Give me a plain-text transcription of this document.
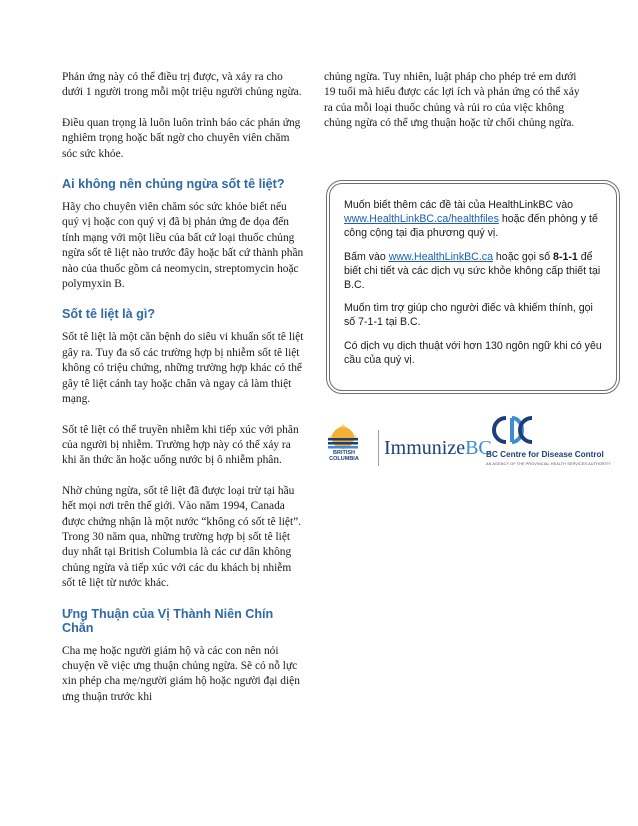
Phản ứng này có thể điều trị được, và xảy ra cho dưới 1 người trong mỗi một triệu người chủng ngừa.

Điều quan trọng là luôn luôn trình báo các phản ứng nghiêm trọng hoặc bất ngờ cho chuyên viên chăm sóc sức khỏe.

Ai không nên chủng ngừa sốt tê liệt?

Hãy cho chuyên viên chăm sóc sức khỏe biết nếu quý vị hoặc con quý vị đã bị phản ứng đe dọa đến tính mạng với một liều của bất cứ loại thuốc chủng ngừa sốt tê liệt nào trước đây hoặc bất cứ thành phần nào của thuốc gồm cả neomycin, streptomycin hoặc polymyxin B.

Sốt tê liệt là gì?

Sốt tê liệt là một căn bệnh do siêu vi khuẩn sốt tê liệt gây ra. Tuy đa số các trường hợp bị nhiễm sốt tê liệt không có triệu chứng, những trường hợp khác có thể gây tê liệt cánh tay hoặc chân và ngay cả làm thiệt mạng.

Sốt tê liệt có thể truyền nhiễm khi tiếp xúc với phân của người bị nhiễm. Trường hợp này có thể xảy ra khi ăn thức ăn hoặc uống nước bị ô nhiễm phân.

Nhờ chủng ngừa, sốt tê liệt đã được loại trừ tại hầu hết mọi nơi trên thế giới. Vào năm 1994, Canada được chứng nhận là một nước “không có sốt tê liệt”. Trong 30 năm qua, những trường hợp bị sốt tê liệt duy nhất tại British Columbia là các cư dân không chủng ngừa và tiếp xúc với các du khách bị nhiễm sốt tê liệt từ nước khác.

Ưng Thuận của Vị Thành Niên Chín Chắn

Cha mẹ hoặc người giám hộ và các con nên nói chuyện về việc ưng thuận chủng ngừa. Sẽ có nỗ lực xin phép cha mẹ/người giám hộ hoặc người đại diện ưng thuận trước khi

chủng ngừa. Tuy nhiên, luật pháp cho phép trẻ em dưới 19 tuổi mà hiểu được các lợi ích và phản ứng có thể xảy ra của mỗi loại thuốc chủng và rủi ro của việc không chủng ngừa có thể ưng thuận hoặc từ chối chủng ngừa.

Muốn biết thêm các đề tài của HealthLinkBC vào www.HealthLinkBC.ca/healthfiles hoặc đến phòng y tế công cộng tại địa phương quý vị.

Bấm vào www.HealthLinkBC.ca hoặc gọi số 8-1-1 để biết chi tiết và các dịch vụ sức khỏe không cấp thiết tại B.C.

Muốn tìm trợ giúp cho người điếc và khiếm thính, gọi số 7-1-1 tại B.C.

Có dịch vụ dịch thuật với hơn 130 ngôn ngữ khi có yêu cầu của quý vị.

BRITISH COLUMBIA	ImmunizeBC
BC Centre for Disease Control
AN AGENCY OF THE PROVINCIAL HEALTH SERVICES AUTHORITY
